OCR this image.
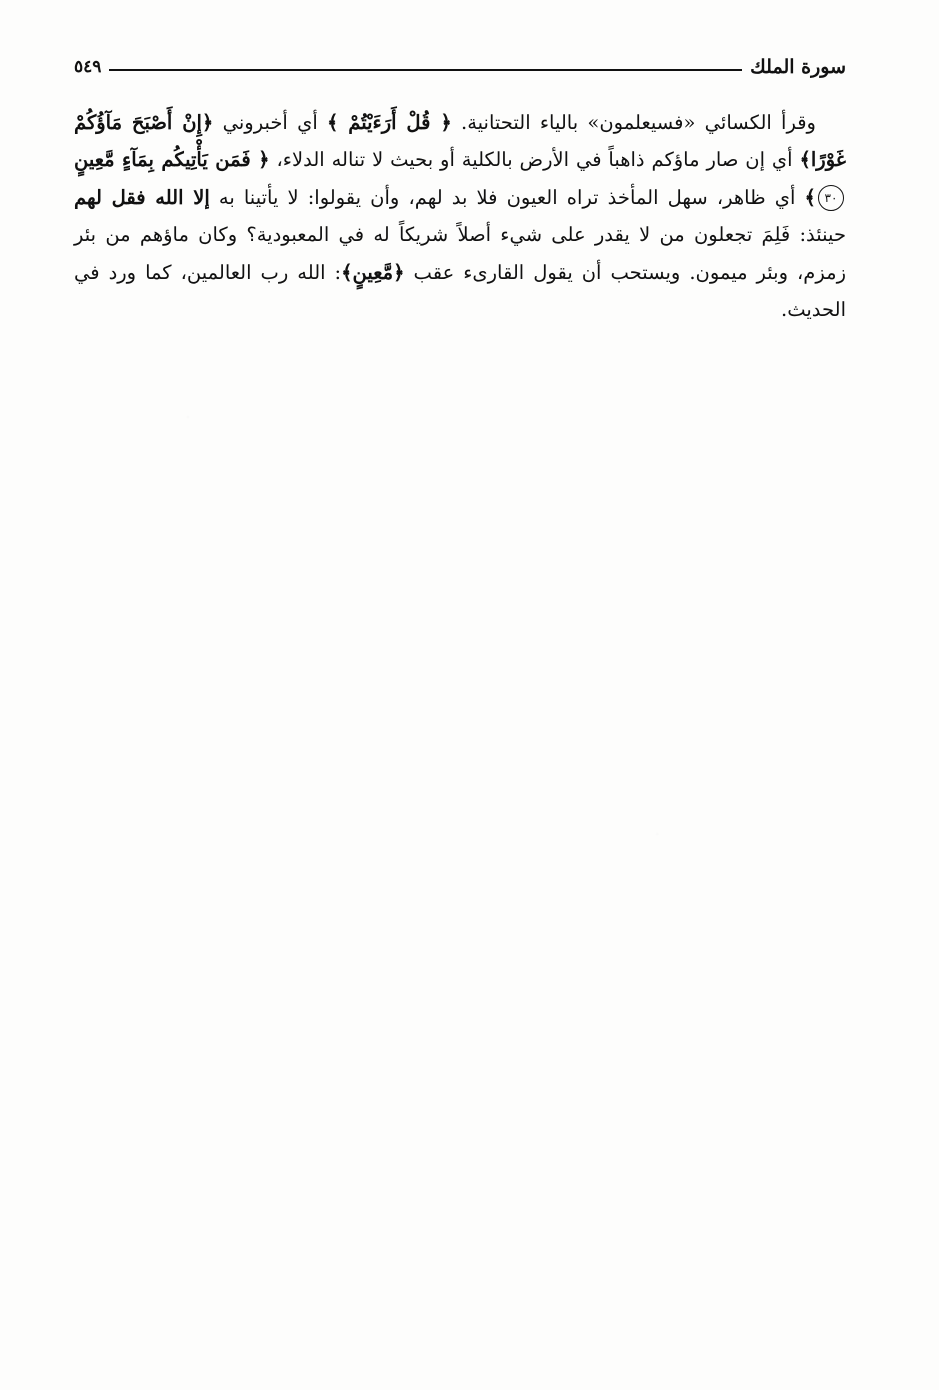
سورة الملك
٥٤٩

وقرأ الكسائي «فسيعلمون» بالياء التحتانية. ﴿ قُلْ أَرَءَيْتُمْ ﴾ أي أخبروني ﴿إِنْ أَصْبَحَ مَآؤُكُمْ غَوْرًا﴾ أي إن صار ماؤكم ذاهباً في الأرض بالكلية أو بحيث لا تناله الدلاء، ﴿ فَمَن يَأْتِيكُم بِمَآءٍ مَّعِينٍ٣٠﴾ أي ظاهر، سهل المأخذ تراه العيون فلا بد لهم، وأن يقولوا: لا يأتينا به إلا الله فقل لهم حينئذ: فَلِمَ تجعلون من لا يقدر على شيء أصلاً شريكاً له في المعبودية؟ وكان ماؤهم من بئر زمزم، وبئر ميمون. ويستحب أن يقول القارىء عقب ﴿مَّعِينٍ﴾: الله رب العالمين، كما ورد في الحديث.
